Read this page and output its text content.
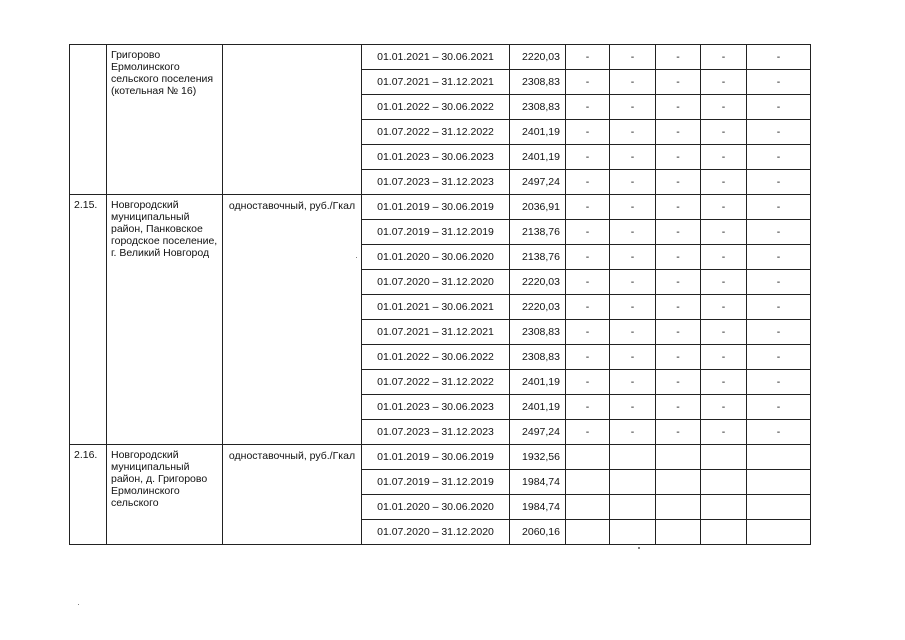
	Григорово Ермолинского сельского поселения (котельная № 16)		01.01.2021 – 30.06.2021	2220,03	-	-	-	-	-
			01.07.2021 – 31.12.2021	2308,83	-	-	-	-	-
			01.01.2022 – 30.06.2022	2308,83	-	-	-	-	-
			01.07.2022 – 31.12.2022	2401,19	-	-	-	-	-
			01.01.2023 – 30.06.2023	2401,19	-	-	-	-	-
			01.07.2023 – 31.12.2023	2497,24	-	-	-	-	-
2.15.	Новгородский муниципальный район, Панковское городское поселение, г. Великий Новгород	одноставочный, руб./Гкал	01.01.2019 – 30.06.2019	2036,91	-	-	-	-	-
			01.07.2019 – 31.12.2019	2138,76	-	-	-	-	-
			01.01.2020 – 30.06.2020	2138,76	-	-	-	-	-
			01.07.2020 – 31.12.2020	2220,03	-	-	-	-	-
			01.01.2021 – 30.06.2021	2220,03	-	-	-	-	-
			01.07.2021 – 31.12.2021	2308,83	-	-	-	-	-
			01.01.2022 – 30.06.2022	2308,83	-	-	-	-	-
			01.07.2022 – 31.12.2022	2401,19	-	-	-	-	-
			01.01.2023 – 30.06.2023	2401,19	-	-	-	-	-
			01.07.2023 – 31.12.2023	2497,24	-	-	-	-	-
2.16.	Новгородский муниципальный район, д. Григорово Ермолинского сельского	одноставочный, руб./Гкал	01.01.2019 – 30.06.2019	1932,56					
			01.07.2019 – 31.12.2019	1984,74					
			01.01.2020 – 30.06.2020	1984,74					
			01.07.2020 – 31.12.2020	2060,16					
